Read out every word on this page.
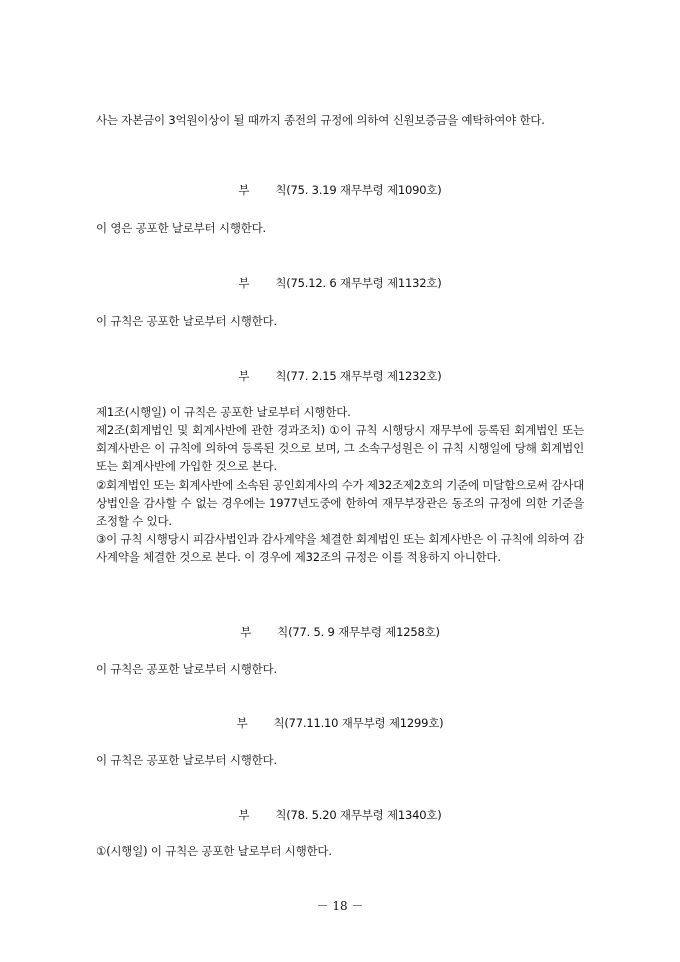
사는 자본금이 3억원이상이 될 때까지 종전의 규정에 의하여 신원보증금을 예탁하여야 한다.

부 칙(75. 3.19 재무부령 제1090호)

이 영은 공포한 날로부터 시행한다.

부 칙(75.12. 6 재무부령 제1132호)

이 규칙은 공포한 날로부터 시행한다.

부 칙(77. 2.15 재무부령 제1232호)

제1조(시행일) 이 규칙은 공포한 날로부터 시행한다.

제2조(회계법인 및 회계사반에 관한 경과조치) ①이 규칙 시행당시 재무부에 등록된 회계법인 또는 회계사반은 이 규칙에 의하여 등록된 것으로 보며, 그 소속구성원은 이 규칙 시행일에 당해 회계법인 또는 회계사반에 가입한 것으로 본다.

②회계법인 또는 회계사반에 소속된 공인회계사의 수가 제32조제2호의 기준에 미달함으로써 감사대상법인을 감사할 수 없는 경우에는 1977년도중에 한하여 재무부장관은 동조의 규정에 의한 기준을 조정할 수 있다.

③이 규칙 시행당시 피감사법인과 감사계약을 체결한 회계법인 또는 회계사반은 이 규칙에 의하여 감사계약을 체결한 것으로 본다. 이 경우에 제32조의 규정은 이를 적용하지 아니한다.

부 칙(77. 5. 9 재무부령 제1258호)

이 규칙은 공포한 날로부터 시행한다.

부 칙(77.11.10 재무부령 제1299호)

이 규칙은 공포한 날로부터 시행한다.

부 칙(78. 5.20 재무부령 제1340호)

①(시행일) 이 규칙은 공포한 날로부터 시행한다.

－ 18 －
